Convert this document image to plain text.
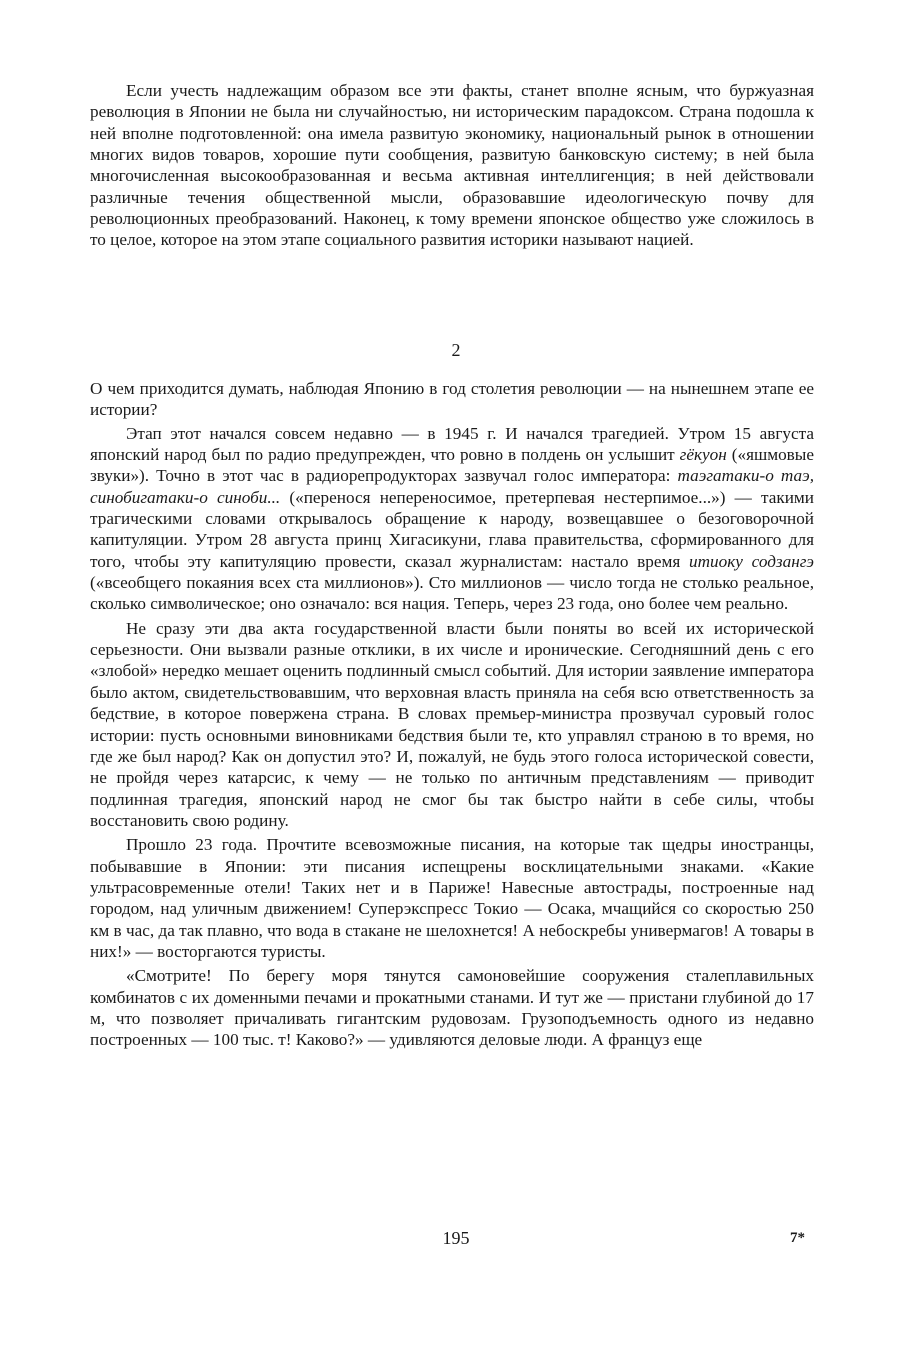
Если учесть надлежащим образом все эти факты, станет вполне ясным, что буржуазная революция в Японии не была ни случайностью, ни историческим парадоксом. Страна подошла к ней вполне подготовленной: она имела развитую экономику, национальный рынок в отношении многих видов товаров, хорошие пути сообщения, развитую банковскую систему; в ней была многочисленная высокообразованная и весьма активная интеллигенция; в ней действовали различные течения общественной мысли, образовавшие идеологическую почву для революционных преобразований. Наконец, к тому времени японское общество уже сложилось в то целое, которое на этом этапе социального развития историки называют нацией.

2

О чем приходится думать, наблюдая Японию в год столетия революции — на нынешнем этапе ее истории?

Этап этот начался совсем недавно — в 1945 г. И начался трагедией. Утром 15 августа японский народ был по радио предупрежден, что ровно в полдень он услышит гёкуон («яшмовые звуки»). Точно в этот час в радиорепродукторах зазвучал голос императора: таэгатаки-о таэ, синобигатаки-о синоби... («перенося непереносимое, претерпевая нестерпимое...») — такими трагическими словами открывалось обращение к народу, возвещавшее о безоговорочной капитуляции. Утром 28 августа принц Хигасикуни, глава правительства, сформированного для того, чтобы эту капитуляцию провести, сказал журналистам: настало время итиоку содзангэ («всеобщего покаяния всех ста миллионов»). Сто миллионов — число тогда не столько реальное, сколько символическое; оно означало: вся нация. Теперь, через 23 года, оно более чем реально.

Не сразу эти два акта государственной власти были поняты во всей их исторической серьезности. Они вызвали разные отклики, в их числе и иронические. Сегодняшний день с его «злобой» нередко мешает оценить подлинный смысл событий. Для истории заявление императора было актом, свидетельствовавшим, что верховная власть приняла на себя всю ответственность за бедствие, в которое повержена страна. В словах премьер-министра прозвучал суровый голос истории: пусть основными виновниками бедствия были те, кто управлял страною в то время, но где же был народ? Как он допустил это? И, пожалуй, не будь этого голоса исторической совести, не пройдя через катарсис, к чему — не только по античным представлениям — приводит подлинная трагедия, японский народ не смог бы так быстро найти в себе силы, чтобы восстановить свою родину.

Прошло 23 года. Прочтите всевозможные писания, на которые так щедры иностранцы, побывавшие в Японии: эти писания испещрены восклицательными знаками. «Какие ультрасовременные отели! Таких нет и в Париже! Навесные автострады, построенные над городом, над уличным движением! Суперэкспресс Токио — Осака, мчащийся со скоростью 250 км в час, да так плавно, что вода в стакане не шелохнется! А небоскребы универмагов! А товары в них!» — восторгаются туристы.

«Смотрите! По берегу моря тянутся самоновейшие сооружения сталеплавильных комбинатов с их доменными печами и прокатными станами. И тут же — пристани глубиной до 17 м, что позволяет причаливать гигантским рудовозам. Грузоподъемность одного из недавно построенных — 100 тыс. т! Каково?» — удивляются деловые люди. А француз еще

195	7*
